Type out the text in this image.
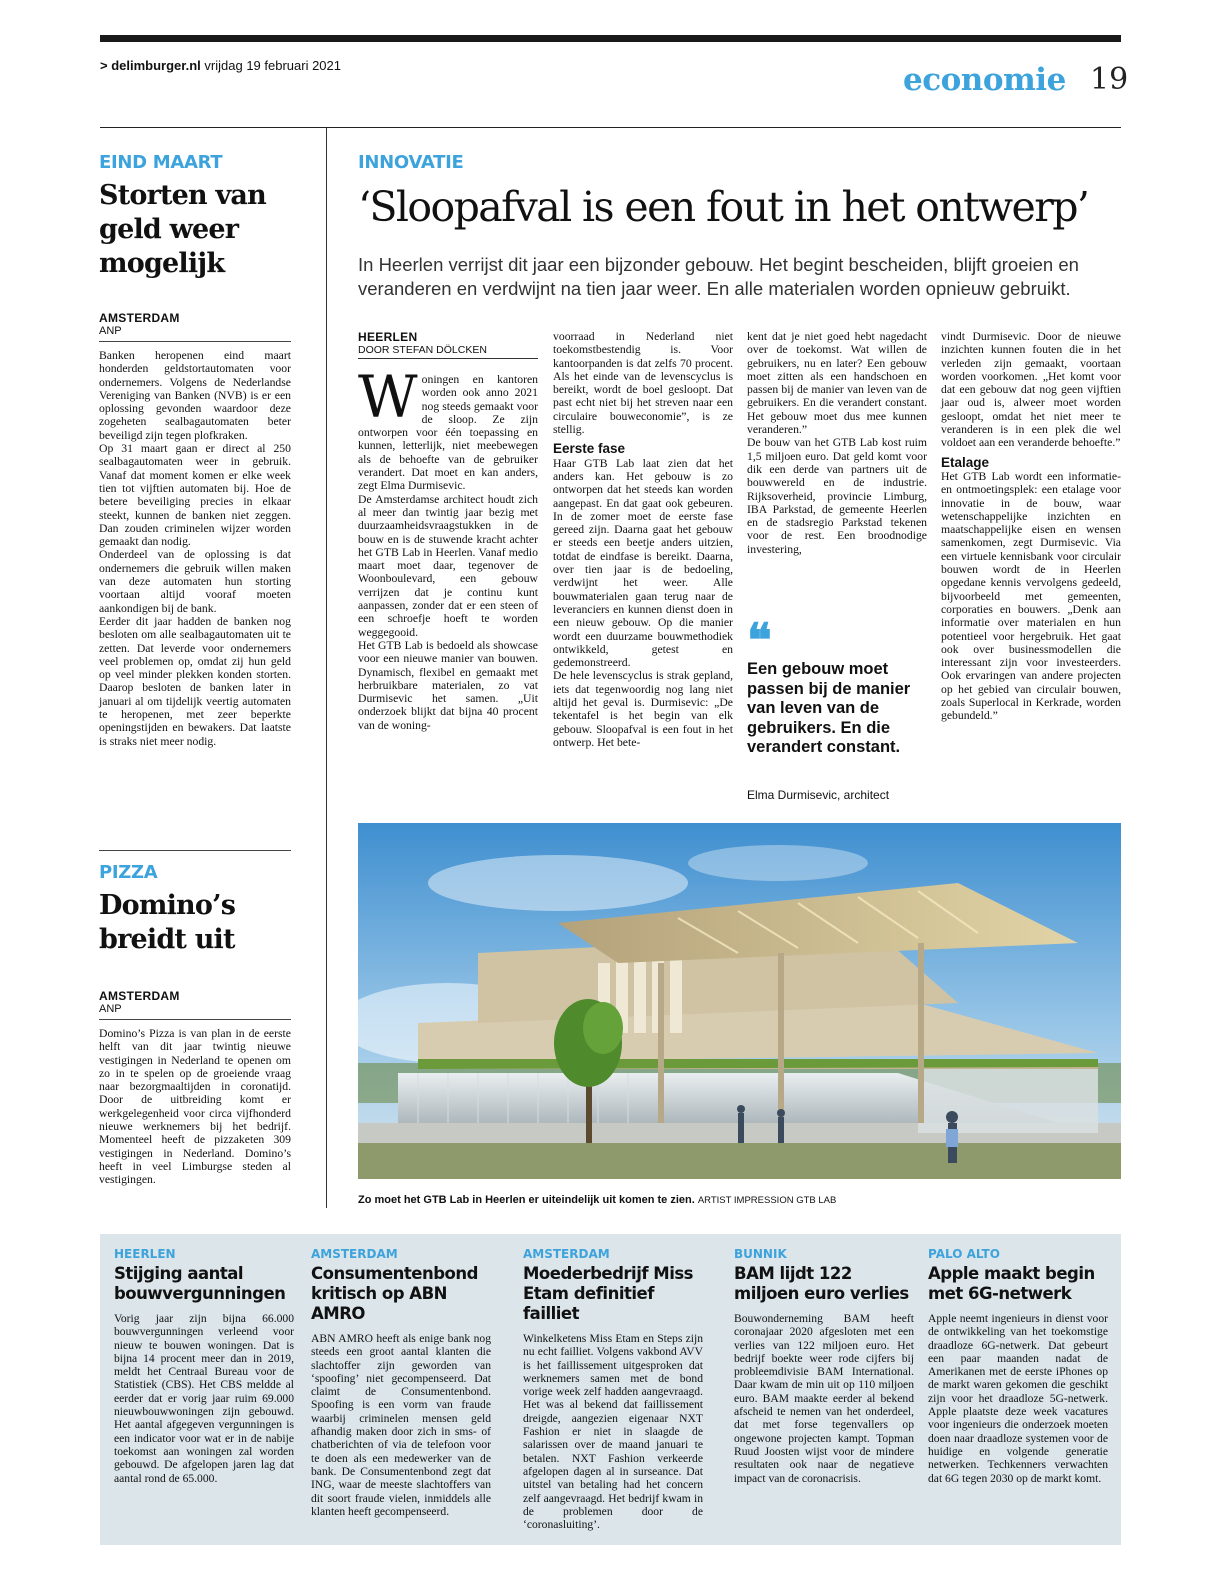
> delimburger.nl vrijdag 19 februari 2021	economie 19
EIND MAART
Storten van geld weer mogelijk
AMSTERDAM
ANP

Banken heropenen eind maart honderden geldstortautomaten voor ondernemers. Volgens de Nederlandse Vereniging van Banken (NVB) is er een oplossing gevonden waardoor deze zogeheten sealbagautomaten beter beveiligd zijn tegen plofkraken.

Op 31 maart gaan er direct al 250 sealbagautomaten weer in gebruik. Vanaf dat moment komen er elke week tien tot vijftien automaten bij. Hoe de betere beveiliging precies in elkaar steekt, kunnen de banken niet zeggen. Dan zouden criminelen wijzer worden gemaakt dan nodig.

Onderdeel van de oplossing is dat ondernemers die gebruik willen maken van deze automaten hun storting voortaan altijd vooraf moeten aankondigen bij de bank.

Eerder dit jaar hadden de banken nog besloten om alle sealbagautomaten uit te zetten. Dat leverde voor ondernemers veel problemen op, omdat zij hun geld op veel minder plekken konden storten. Daarop besloten de banken later in januari al om tijdelijk veertig automaten te heropenen, met zeer beperkte openingstijden en bewakers. Dat laatste is straks niet meer nodig.

PIZZA
Domino’s breidt uit
AMSTERDAM
ANP

Domino’s Pizza is van plan in de eerste helft van dit jaar twintig nieuwe vestigingen in Nederland te openen om zo in te spelen op de groeiende vraag naar bezorgmaaltijden in coronatijd. Door de uitbreiding komt er werkgelegenheid voor circa vijfhonderd nieuwe werknemers bij het bedrijf. Momenteel heeft de pizzaketen 309 vestigingen in Nederland. Domino’s heeft in veel Limburgse steden al vestigingen.

INNOVATIE
‘Sloopafval is een fout in het ontwerp’
In Heerlen verrijst dit jaar een bijzonder gebouw. Het begint bescheiden, blijft groeien en veranderen en verdwijnt na tien jaar weer. En alle materialen worden opnieuw gebruikt.
HEERLEN
DOOR STEFAN DÖLCKEN

Woningen en kantoren worden ook anno 2021 nog steeds gemaakt voor de sloop. Ze zijn ontworpen voor één toepassing en kunnen, letterlijk, niet meebewegen als de behoefte van de gebruiker verandert. Dat moet en kan anders, zegt Elma Durmisevic.

De Amsterdamse architect houdt zich al meer dan twintig jaar bezig met duurzaamheidsvraagstukken in de bouw en is de stuwende kracht achter het GTB Lab in Heerlen. Vanaf medio maart moet daar, tegenover de Woonboulevard, een gebouw verrijzen dat je continu kunt aanpassen, zonder dat er een steen of een schroefje hoeft te worden weggegooid.

Het GTB Lab is bedoeld als showcase voor een nieuwe manier van bouwen. Dynamisch, flexibel en gemaakt met herbruikbare materialen, zo vat Durmisevic het samen. „Uit onderzoek blijkt dat bijna 40 procent van de woning-

voorraad in Nederland niet toekomstbestendig is. Voor kantoorpanden is dat zelfs 70 procent. Als het einde van de levenscyclus is bereikt, wordt de boel gesloopt. Dat past echt niet bij het streven naar een circulaire bouweconomie”, is ze stellig.

Eerste fase

Haar GTB Lab laat zien dat het anders kan. Het gebouw is zo ontworpen dat het steeds kan worden aangepast. En dat gaat ook gebeuren. In de zomer moet de eerste fase gereed zijn. Daarna gaat het gebouw er steeds een beetje anders uitzien, totdat de eindfase is bereikt. Daarna, over tien jaar is de bedoeling, verdwijnt het weer. Alle bouwmaterialen gaan terug naar de leveranciers en kunnen dienst doen in een nieuw gebouw. Op die manier wordt een duurzame bouwmethodiek ontwikkeld, getest en gedemonstreerd.

De hele levenscyclus is strak gepland, iets dat tegenwoordig nog lang niet altijd het geval is. Durmisevic: „De tekentafel is het begin van elk gebouw. Sloopafval is een fout in het ontwerp. Het bete-

kent dat je niet goed hebt nagedacht over de toekomst. Wat willen de gebruikers, nu en later? Een gebouw moet zitten als een handschoen en passen bij de manier van leven van de gebruikers. En die verandert constant. Het gebouw moet dus mee kunnen veranderen.”

De bouw van het GTB Lab kost ruim 1,5 miljoen euro. Dat geld komt voor dik een derde van partners uit de bouwwereld en de industrie. Rijksoverheid, provincie Limburg, IBA Parkstad, de gemeente Heerlen en de stadsregio Parkstad tekenen voor de rest. Een broodnodige investering,

❝
Een gebouw moet passen bij de manier van leven van de gebruikers. En die verandert constant.
Elma Durmisevic, architect

vindt Durmisevic. Door de nieuwe inzichten kunnen fouten die in het verleden zijn gemaakt, voortaan worden voorkomen. „Het komt voor dat een gebouw dat nog geen vijftien jaar oud is, alweer moet worden gesloopt, omdat het niet meer te veranderen is in een plek die wel voldoet aan een veranderde behoefte.”

Etalage

Het GTB Lab wordt een informatie- en ontmoetingsplek: een etalage voor innovatie in de bouw, waar wetenschappelijke inzichten en maatschappelijke eisen en wensen samenkomen, zegt Durmisevic. Via een virtuele kennisbank voor circulair bouwen wordt de in Heerlen opgedane kennis vervolgens gedeeld, bijvoorbeeld met gemeenten, corporaties en bouwers. „Denk aan informatie over materialen en hun potentieel voor hergebruik. Het gaat ook over businessmodellen die interessant zijn voor investeerders. Ook ervaringen van andere projecten op het gebied van circulair bouwen, zoals Superlocal in Kerkrade, worden gebundeld.”

Zo moet het GTB Lab in Heerlen er uiteindelijk uit komen te zien. ARTIST IMPRESSION GTB LAB
HEERLEN
Stijging aantal bouwvergunningen
Vorig jaar zijn bijna 66.000 bouwvergunningen verleend voor nieuw te bouwen woningen. Dat is bijna 14 procent meer dan in 2019, meldt het Centraal Bureau voor de Statistiek (CBS). Het CBS meldde al eerder dat er vorig jaar ruim 69.000 nieuwbouwwoningen zijn gebouwd. Het aantal afgegeven vergunningen is een indicator voor wat er in de nabije toekomst aan woningen zal worden gebouwd. De afgelopen jaren lag dat aantal rond de 65.000.
AMSTERDAM
Consumentenbond kritisch op ABN AMRO
ABN AMRO heeft als enige bank nog steeds een groot aantal klanten die slachtoffer zijn geworden van ‘spoofing’ niet gecompenseerd. Dat claimt de Consumentenbond. Spoofing is een vorm van fraude waarbij criminelen mensen geld afhandig maken door zich in sms- of chatberichten of via de telefoon voor te doen als een medewerker van de bank. De Consumentenbond zegt dat ING, waar de meeste slachtoffers van dit soort fraude vielen, inmiddels alle klanten heeft gecompenseerd.
AMSTERDAM
Moederbedrijf Miss Etam definitief failliet
Winkelketens Miss Etam en Steps zijn nu echt failliet. Volgens vakbond AVV is het faillissement uitgesproken dat werknemers samen met de bond vorige week zelf hadden aangevraagd. Het was al bekend dat faillissement dreigde, aangezien eigenaar NXT Fashion er niet in slaagde de salarissen over de maand januari te betalen. NXT Fashion verkeerde afgelopen dagen al in surseance. Dat uitstel van betaling had het concern zelf aangevraagd. Het bedrijf kwam in de problemen door de ‘coronasluiting’.
BUNNIK
BAM lijdt 122 miljoen euro verlies
Bouwonderneming BAM heeft coronajaar 2020 afgesloten met een verlies van 122 miljoen euro. Het bedrijf boekte weer rode cijfers bij probleemdivisie BAM International. Daar kwam de min uit op 110 miljoen euro. BAM maakte eerder al bekend afscheid te nemen van het onderdeel, dat met forse tegenvallers op ongewone projecten kampt. Topman Ruud Joosten wijst voor de mindere resultaten ook naar de negatieve impact van de coronacrisis.
PALO ALTO
Apple maakt begin met 6G-netwerk
Apple neemt ingenieurs in dienst voor de ontwikkeling van het toekomstige draadloze 6G-netwerk. Dat gebeurt een paar maanden nadat de Amerikanen met de eerste iPhones op de markt waren gekomen die geschikt zijn voor het draadloze 5G-netwerk. Apple plaatste deze week vacatures voor ingenieurs die onderzoek moeten doen naar draadloze systemen voor de huidige en volgende generatie netwerken. Techkenners verwachten dat 6G tegen 2030 op de markt komt.
